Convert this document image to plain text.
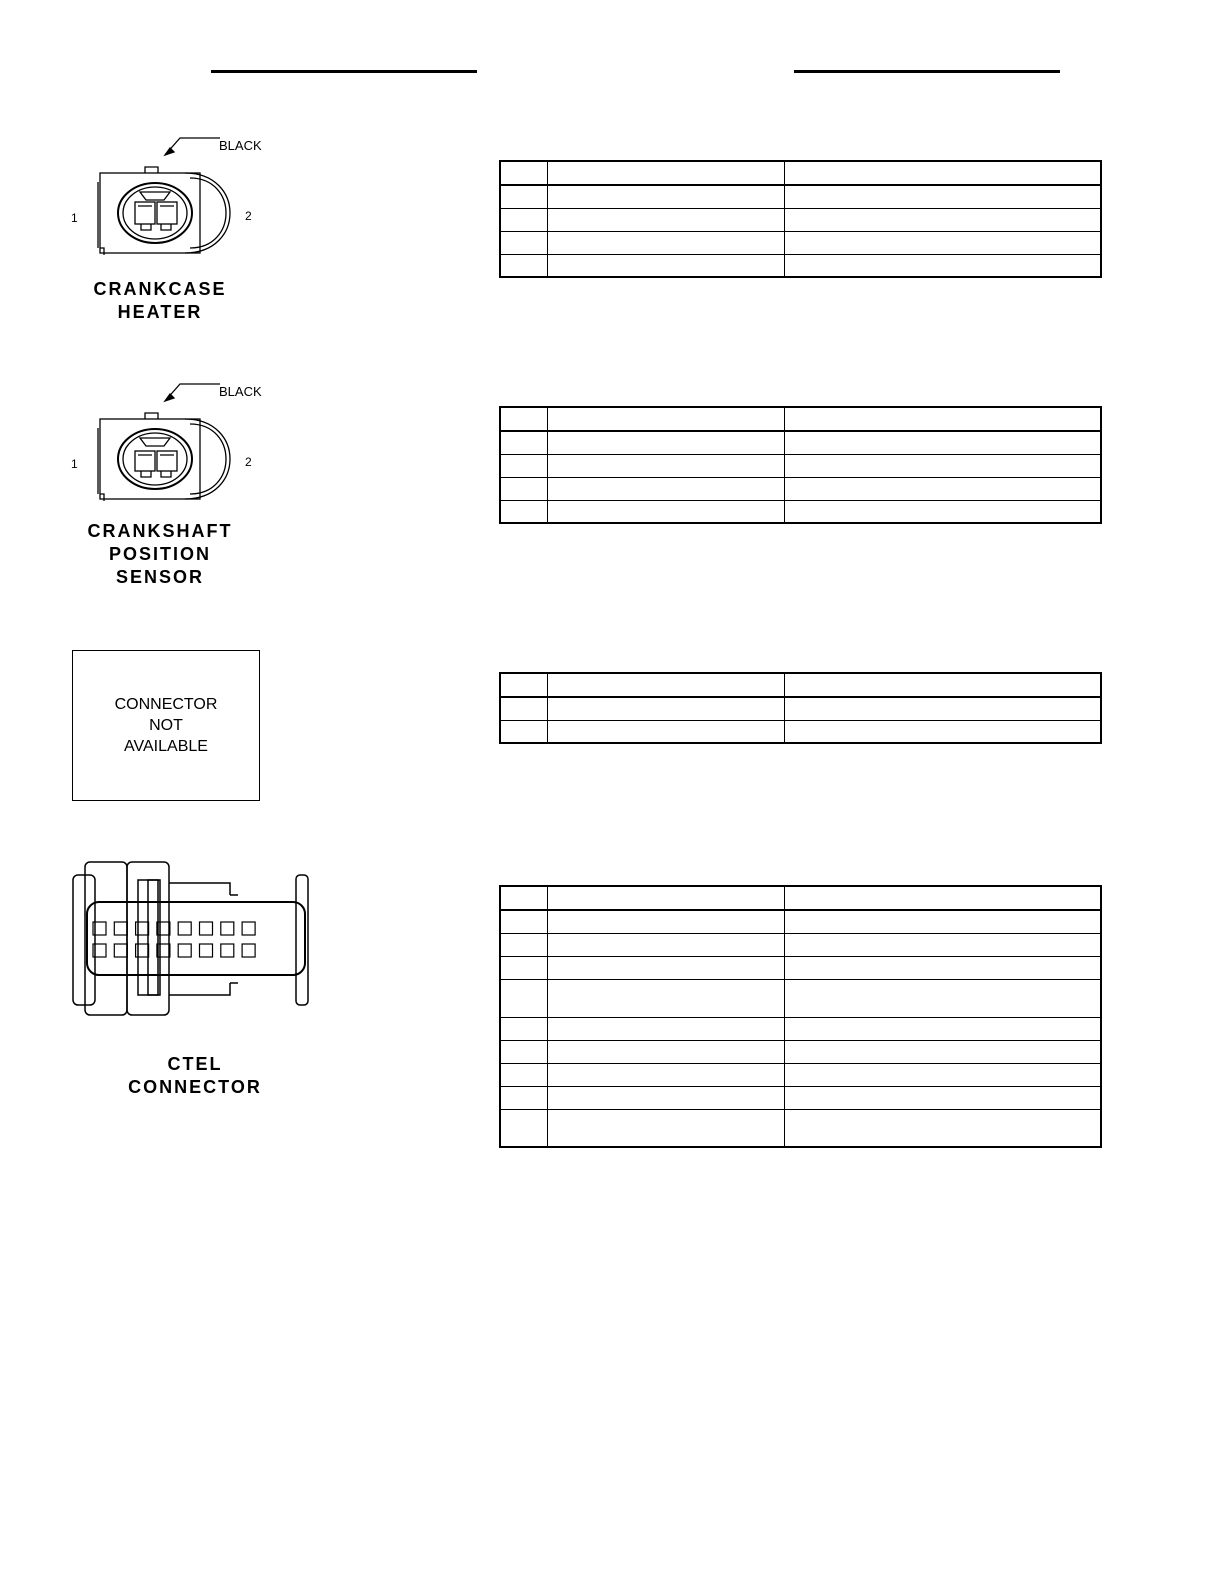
BLACK
1	2
CRANKCASE
HEATER

BLACK
1	2
CRANKSHAFT
POSITION
SENSOR

CONNECTOR
NOT
AVAILABLE

CTEL
CONNECTOR
